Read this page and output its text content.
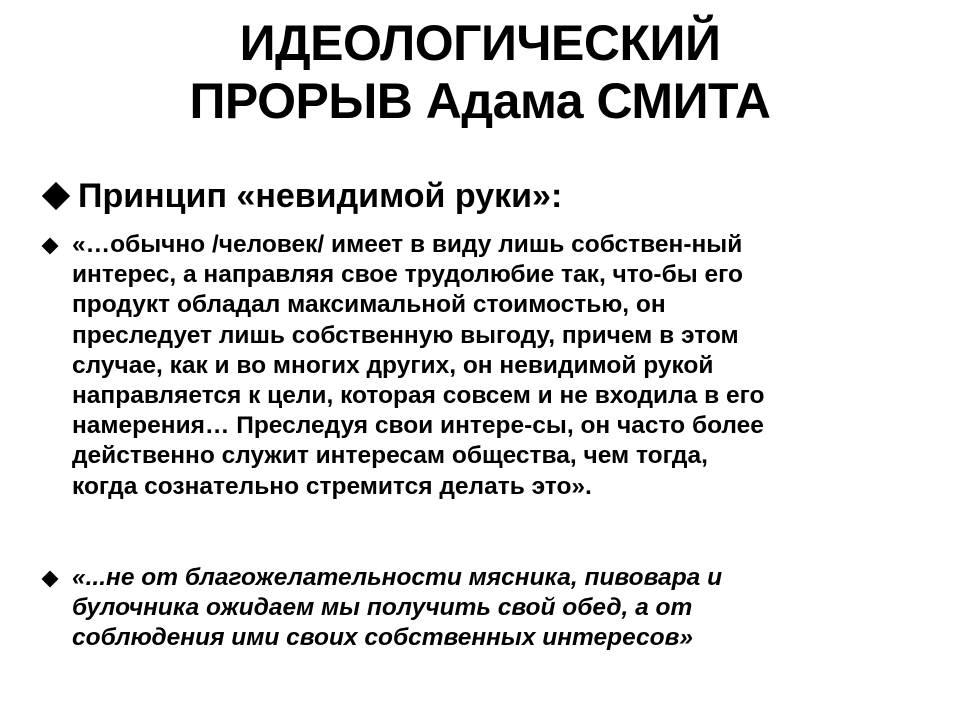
ИДЕОЛОГИЧЕСКИЙ
ПРОРЫВ Адама СМИТА
Принцип «невидимой руки»:
«…обычно /человек/ имеет в виду лишь собствен-ный
интерес, а направляя свое трудолюбие так, что-бы его
продукт обладал максимальной стоимостью, он
преследует лишь собственную выгоду, причем в этом
случае, как и во многих других, он невидимой рукой
направляется к цели, которая совсем и не входила в его
намерения… Преследуя свои интере-сы, он часто более
действенно служит интересам общества, чем тогда,
когда сознательно стремится делать это».
«...не от благожелательности мясника, пивовара и
булочника ожидаем мы получить свой обед, а от
соблюдения ими своих собственных интересов»
